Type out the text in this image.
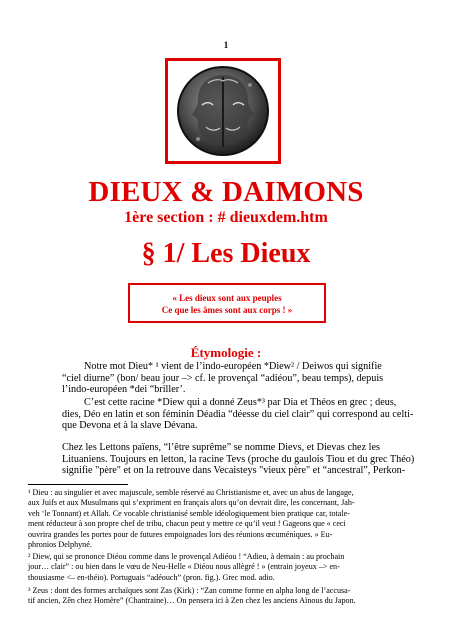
1
DIEUX & DAIMONS
1ère section : # dieuxdem.htm
§ 1/ Les Dieux
« Les dieux sont aux peuples
Ce que les âmes sont aux corps ! »
Étymologie :
Notre mot Dieu* ¹ vient de l’indo-européen *Diew² / Deiwos qui signifie
“ciel diurne” (bon/ beau jour –> cf. le provençal “adiéou”, beau temps), depuis
l’indo-européen *dei “briller’.
C’est cette racine *Diew qui a donné Zeus*³ par Dia et Théos en grec ; deus,
dies, Déo en latin et son féminin Déadia “déesse du ciel clair” qui correspond au celti-
que Devona et à la slave Dévana.
Chez les Lettons païens, “l’être suprême” se nomme Dievs, et Dievas chez les
Lituaniens. Toujours en letton, la racine Tevs (proche du gaulois Tiou et du grec Théo)
signifie "père" et on la retrouve dans Vecaisteys "vieux père" et “ancestral”, Perkon-
¹ Dieu : au singulier et avec majuscule, semble réservé au Christianisme et, avec un abus de langage,
aux Juifs et aux Musulmans qui s’expriment en français alors qu’on devrait dire, les concernant, Jah-
veh ‘le Tonnant) et Allah. Ce vocable christianisé semble idéologiquement bien pratique car, totale-
ment réducteur à son propre chef de tribu, chacun peut y mettre ce qu’il veut ! Gageons que « ceci
ouvrira grandes les portes pour de futures empoignades lors des réunions œcuménìques. » Eu-
phronios Delphyné.
² Diew, qui se prononce Diéou comme dans le provençal Adiéou ! “Adieu, à demain : au prochain
jour… clair” : ou bien dans le vœu de Neu-Helle « Diéou nous allègré ! » (entrain joyeux –> en-
thousiasme <– en-théio). Portuguais “adéouch” (pron. fig.). Grec mod. adio.
³ Zeus : dont des formes archaïques sont Zas (Kirk) : “Zan comme forme en alpha long de l’accusa-
tif ancien, Zên chez Homère” (Chantraine)… On pensera ici à Zen chez les anciens Aïnous du Japon.
